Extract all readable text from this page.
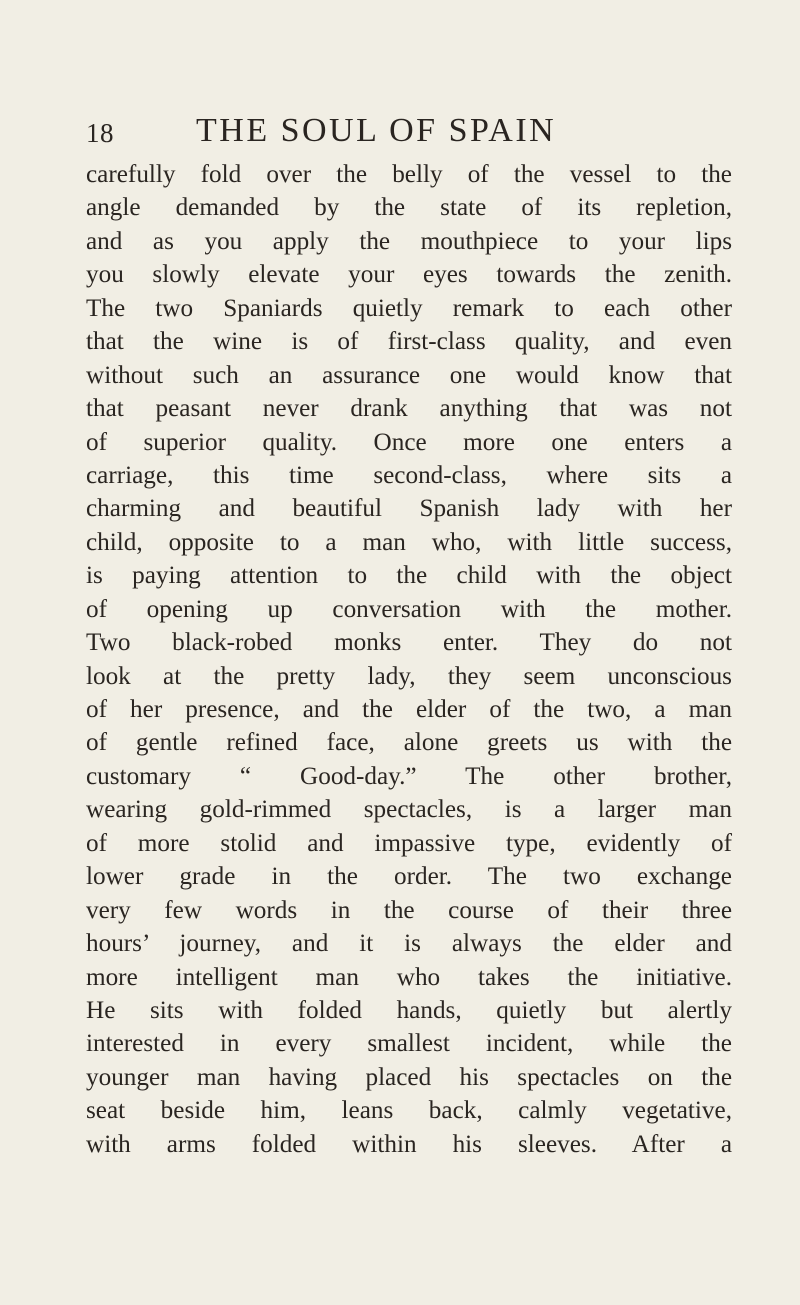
18 THE SOUL OF SPAIN
carefully fold over the belly of the vessel to the
angle demanded by the state of its repletion,
and as you apply the mouthpiece to your lips
you slowly elevate your eyes towards the zenith.
The two Spaniards quietly remark to each other
that the wine is of first-class quality, and even
without such an assurance one would know that
that peasant never drank anything that was not
of superior quality. Once more one enters a
carriage, this time second-class, where sits a
charming and beautiful Spanish lady with her
child, opposite to a man who, with little success,
is paying attention to the child with the object
of opening up conversation with the mother.
Two black-robed monks enter. They do not
look at the pretty lady, they seem unconscious
of her presence, and the elder of the two, a man
of gentle refined face, alone greets us with the
customary “ Good-day.” The other brother,
wearing gold-rimmed spectacles, is a larger man
of more stolid and impassive type, evidently of
lower grade in the order. The two exchange
very few words in the course of their three
hours’ journey, and it is always the elder and
more intelligent man who takes the initiative.
He sits with folded hands, quietly but alertly
interested in every smallest incident, while the
younger man having placed his spectacles on the
seat beside him, leans back, calmly vegetative,
with arms folded within his sleeves. After a
